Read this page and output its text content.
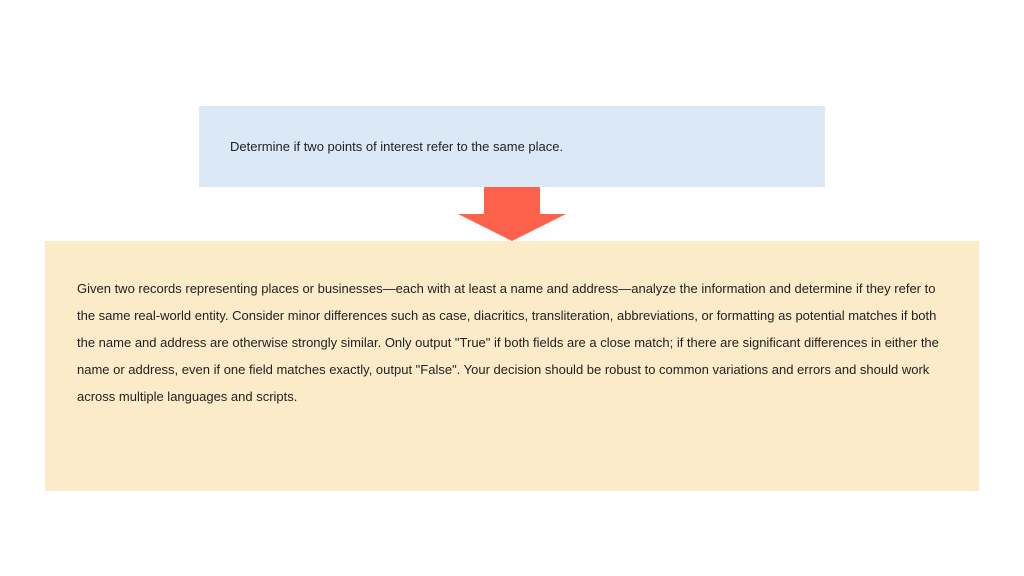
Determine if two points of interest refer to the same place.

Given two records representing places or businesses—each with at least a name and address—analyze the information and determine if they refer to the same real-world entity. Consider minor differences such as case, diacritics, transliteration, abbreviations, or formatting as potential matches if both the name and address are otherwise strongly similar. Only output "True" if both fields are a close match; if there are significant differences in either the name or address, even if one field matches exactly, output "False". Your decision should be robust to common variations and errors and should work across multiple languages and scripts.
